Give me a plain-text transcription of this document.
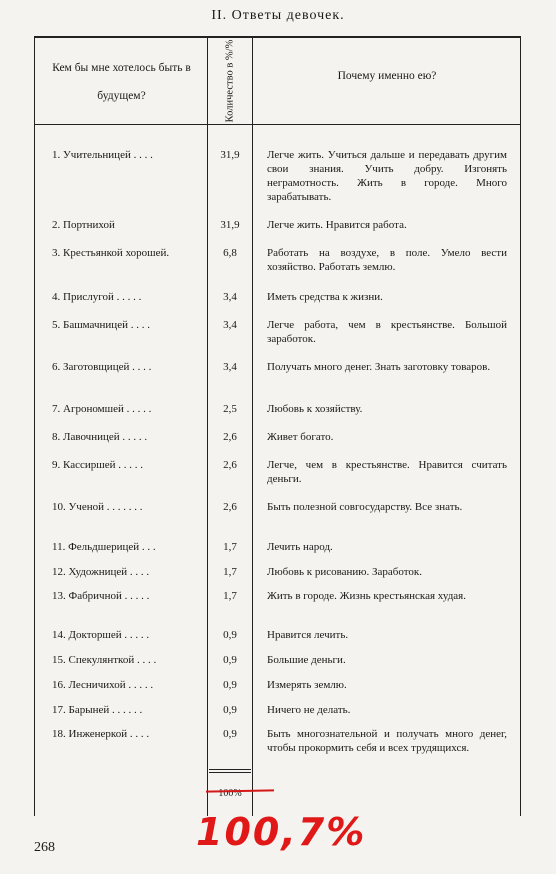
II. Ответы девочек.
Кем бы мне хотелось быть в будущем?	Количество в %/%	Почему именно ею?
1. Учительницей . . . .	31,9	Легче жить. Учиться дальше и передавать другим свои знания. Учить добру. Изгонять неграмотность. Жить в городе. Много зарабатывать.
2. Портнихой	31,9	Легче жить. Нравится работа.
3. Крестьянкой хорошей.	6,8	Работать на воздухе, в поле. Умело вести хозяйство. Работать землю.
4. Прислугой . . . . .	3,4	Иметь средства к жизни.
5. Башмачницей . . . .	3,4	Легче работа, чем в крестьянстве. Большой заработок.
6. Заготовщицей . . . .	3,4	Получать много денег. Знать заготовку товаров.
7. Агрономшей . . . . .	2,5	Любовь к хозяйству.
8. Лавочницей . . . . .	2,6	Живет богато.
9. Кассиршей . . . . .	2,6	Легче, чем в крестьянстве. Нравится считать деньги.
10. Ученой . . . . . . .	2,6	Быть полезной совгосударству. Все знать.
11. Фельдшерицей . . .	1,7	Лечить народ.
12. Художницей . . . .	1,7	Любовь к рисованию. Заработок.
13. Фабричной . . . . .	1,7	Жить в городе. Жизнь крестьянская худая.
14. Докторшей . . . . .	0,9	Нравится лечить.
15. Спекулянткой . . . .	0,9	Большие деньги.
16. Лесничихой . . . . .	0,9	Измерять землю.
17. Барыней . . . . . .	0,9	Ничего не делать.
18. Инженеркой . . . .	0,9	Быть многознательной и получать много денег, чтобы прокормить себя и всех трудящихся.
100%
100,7%
268
